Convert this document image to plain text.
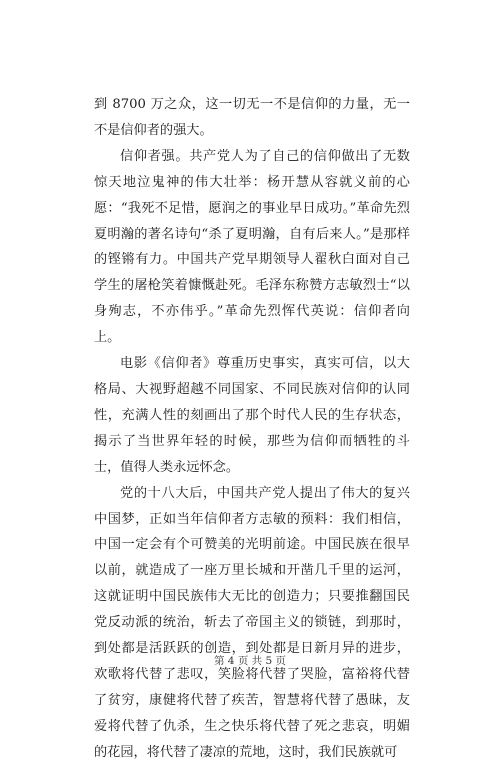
到 8700 万之众，这一切无一不是信仰的力量，无一不是信仰者的强大。

信仰者强。共产党人为了自己的信仰做出了无数惊天地泣鬼神的伟大壮举：杨开慧从容就义前的心愿：“我死不足惜，愿润之的事业早日成功。”革命先烈夏明瀚的著名诗句“杀了夏明瀚，自有后来人。”是那样的铿锵有力。中国共产党早期领导人翟秋白面对自己学生的屠枪笑着慷慨赴死。毛泽东称赞方志敏烈士“以身殉志，不亦伟乎。”革命先烈恽代英说：信仰者向上。

电影《信仰者》尊重历史事实，真实可信，以大格局、大视野超越不同国家、不同民族对信仰的认同性，充满人性的刻画出了那个时代人民的生存状态，揭示了当世界年轻的时候，那些为信仰而牺牲的斗士，值得人类永远怀念。

党的十八大后，中国共产党人提出了伟大的复兴中国梦，正如当年信仰者方志敏的预料：我们相信，中国一定会有个可赞美的光明前途。中国民族在很早以前，就造成了一座万里长城和开凿几千里的运河，这就证明中国民族伟大无比的创造力；只要推翻国民党反动派的统治，斩去了帝国主义的锁链，到那时，到处都是活跃跃的创造，到处都是日新月异的进步，欢歌将代替了悲叹，笑脸将代替了哭脸，富裕将代替了贫穷，康健将代替了疾苦，智慧将代替了愚昧，友爱将代替了仇杀，生之快乐将代替了死之悲哀，明媚的花园，将代替了凄凉的荒地，这时，我们民族就可

第 4 页 共 5 页
